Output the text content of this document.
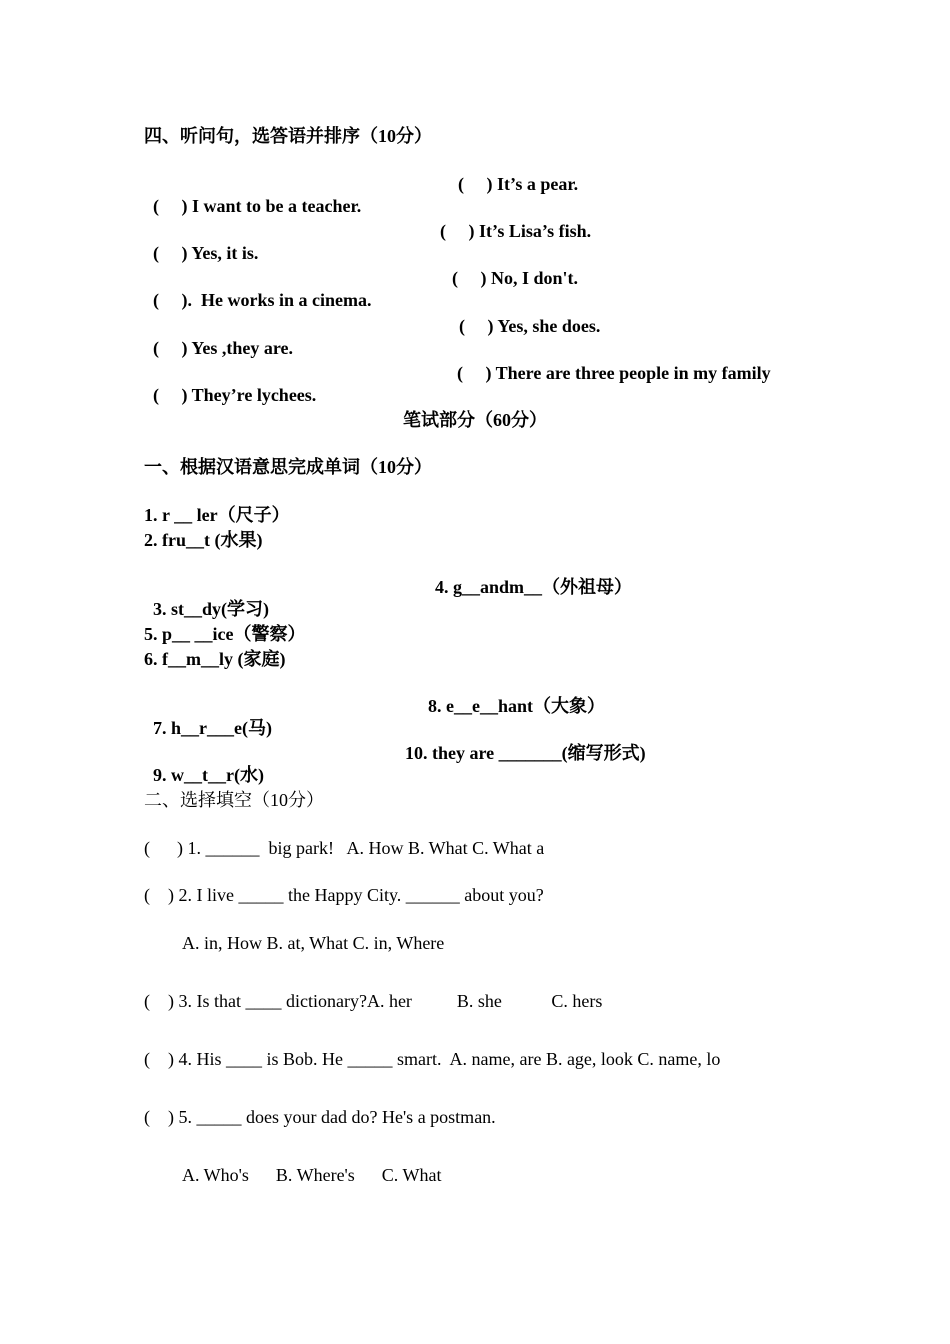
四、听问句，选答语并排序（10分）

(     ) I want to be a teacher.

(     ) It’s a pear.

(     ) Yes, it is.

(     ) It’s Lisa’s fish.

(     ).  He works in a cinema.

(     ) No, I don't.

(     ) Yes ,they are.

(     ) Yes, she does.

(     ) They’re lychees.

(     ) There are three people in my family

笔试部分（60分）
一、根据汉语意思完成单词（10分）
1. r __ ler（尺子）
2. fru__t (水果)

3. st__dy(学习)

4. g__andm__（外祖母）

5. p__ __ice（警察）
6. f__m__ly (家庭)

7. h__r___e(马)

8. e__e__hant（大象）

9. w__t__r(水)

10. they are _______(缩写形式)

二、选择填空（10分）
(      ) 1. ______  big park!   A. How B. What C. What a
(    ) 2. I live _____ the Happy City. ______ about you?
A. in, How B. at, What C. in, Where
(    ) 3. Is that ____ dictionary?A. her          B. she           C. hers
(    ) 4. His ____ is Bob. He _____ smart.  A. name, are B. age, look C. name, lo
(    ) 5. _____ does your dad do? He's a postman.
A. Who's      B. Where's      C. What
